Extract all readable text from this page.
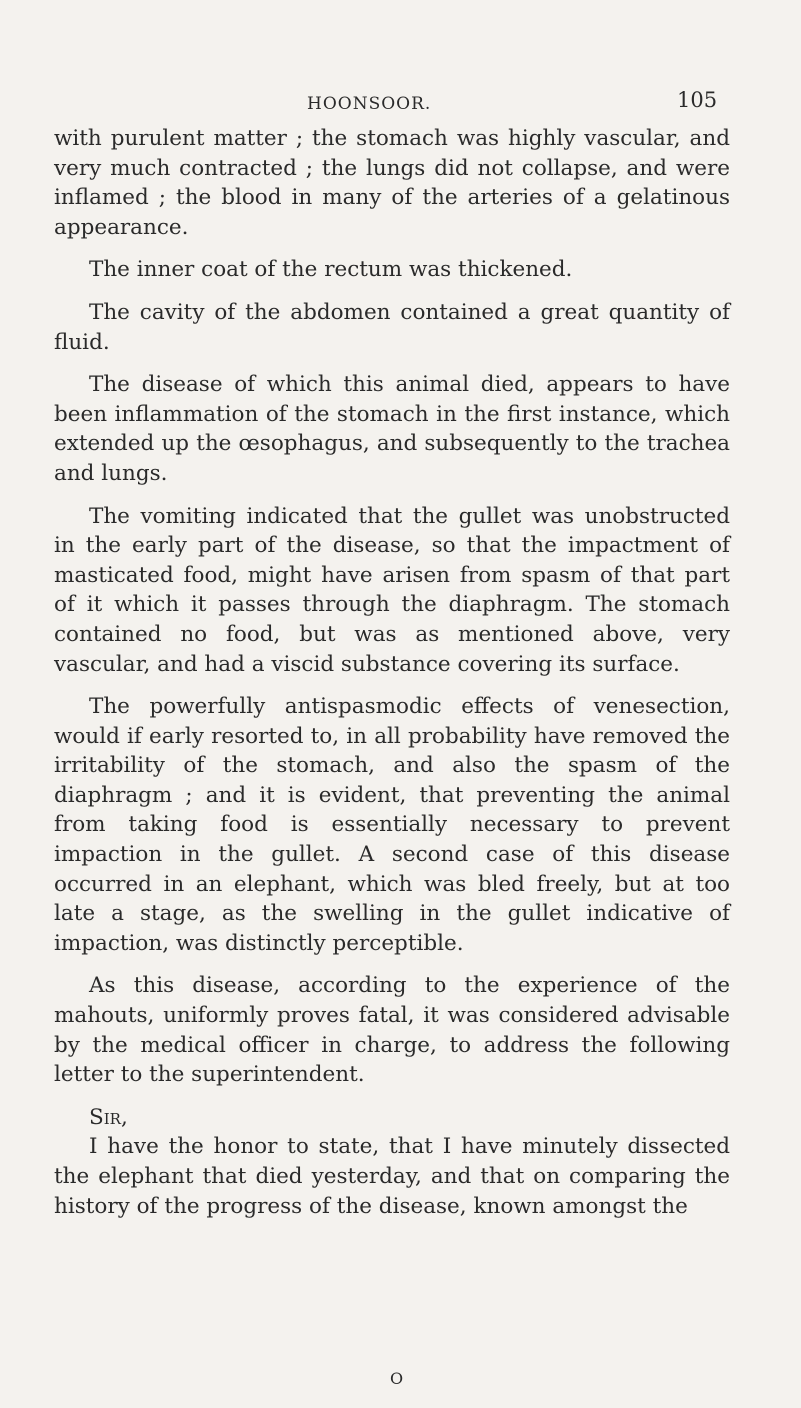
HOONSOOR.	105

with purulent matter ; the stomach was highly vascular, and very much contracted ; the lungs did not collapse, and were inflamed ; the blood in many of the arteries of a gelatinous appearance.

The inner coat of the rectum was thickened.

The cavity of the abdomen contained a great quantity of fluid.

The disease of which this animal died, appears to have been inflammation of the stomach in the first instance, which extended up the œsophagus, and subsequently to the trachea and lungs.

The vomiting indicated that the gullet was unobstructed in the early part of the disease, so that the impactment of masticated food, might have arisen from spasm of that part of it which it passes through the diaphragm. The stomach contained no food, but was as mentioned above, very vascular, and had a viscid substance covering its surface.

The powerfully antispasmodic effects of venesection, would if early resorted to, in all probability have removed the irritability of the stomach, and also the spasm of the diaphragm ; and it is evident, that preventing the animal from taking food is essentially necessary to prevent impaction in the gullet. A second case of this disease occurred in an elephant, which was bled freely, but at too late a stage, as the swelling in the gullet indicative of impaction, was distinctly perceptible.

As this disease, according to the experience of the mahouts, uniformly proves fatal, it was considered advisable by the medical officer in charge, to address the following letter to the superintendent.

Sir,

I have the honor to state, that I have minutely dissected the elephant that died yesterday, and that on comparing the history of the progress of the disease, known amongst the

O
